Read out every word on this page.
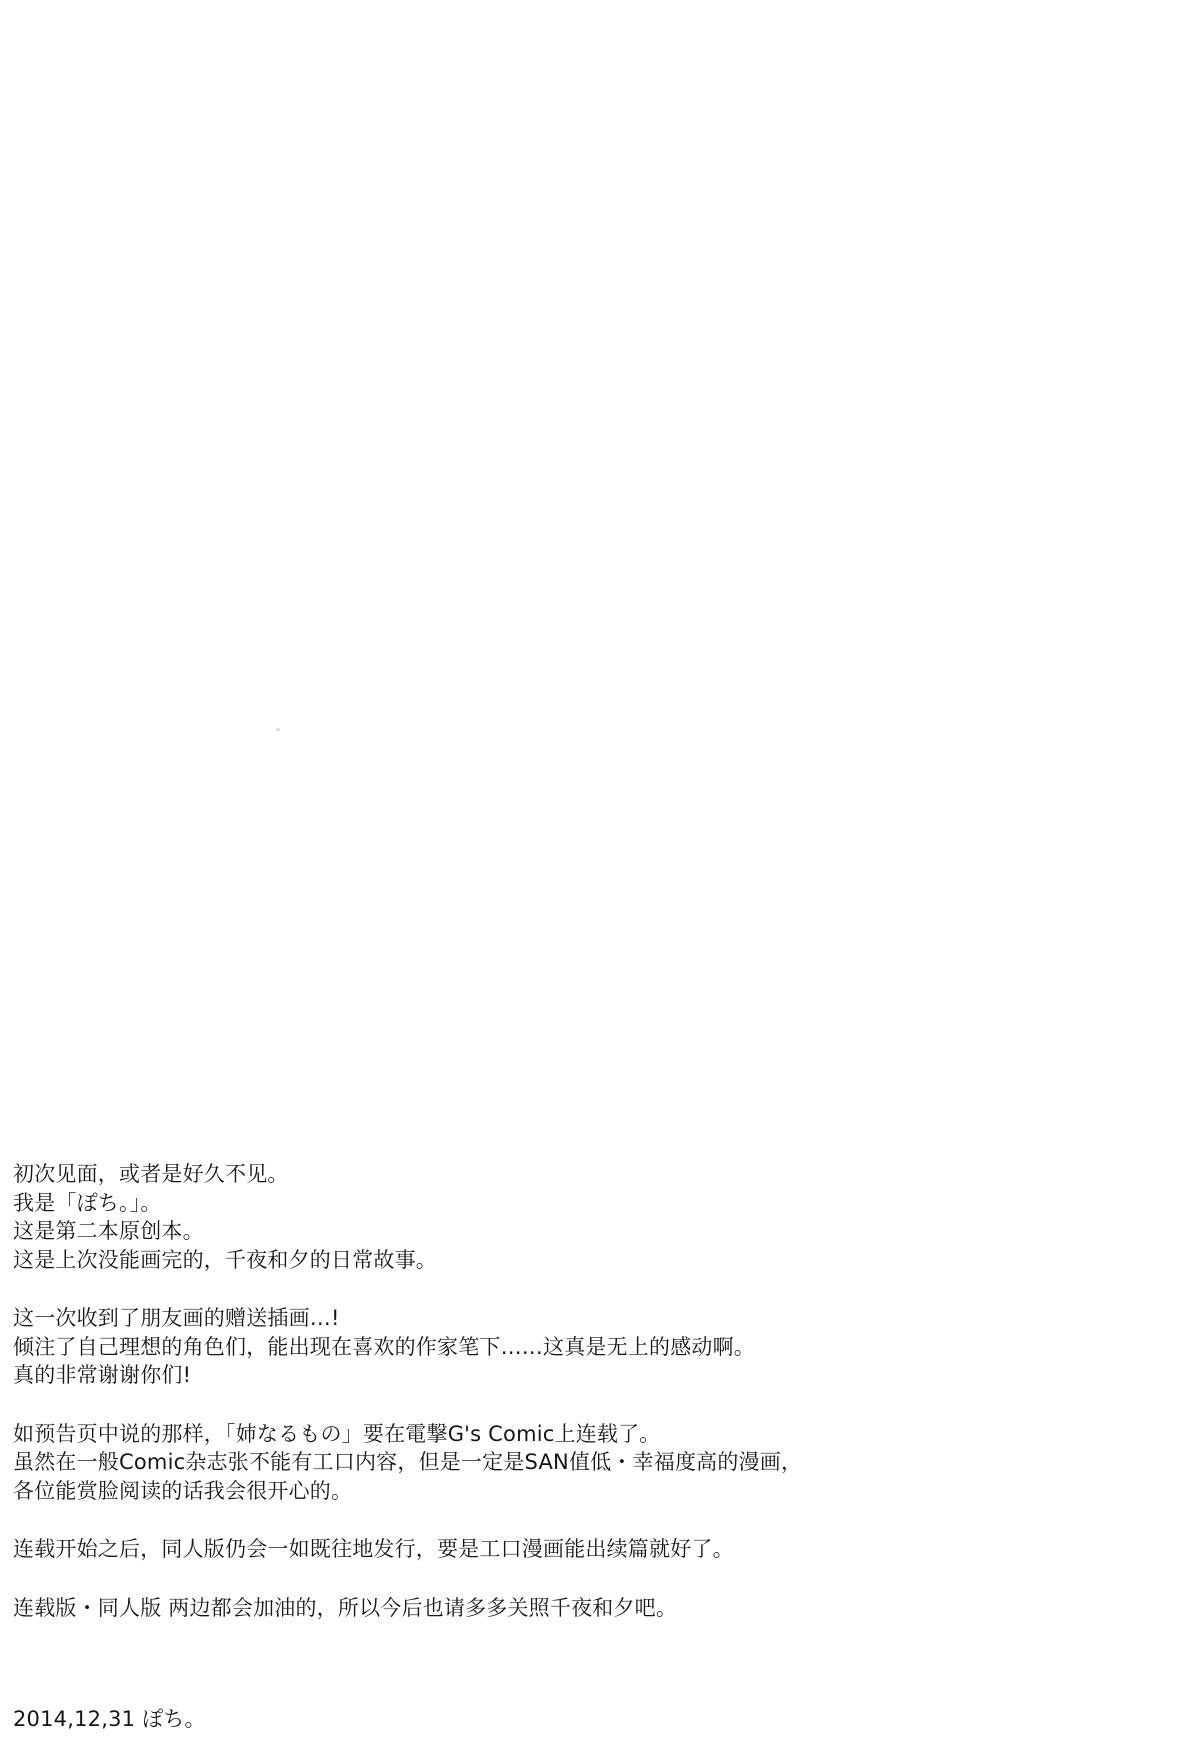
初次见面，或者是好久不见。
我是「ぽち。」。
这是第二本原创本。
这是上次没能画完的，千夜和夕的日常故事。

这一次收到了朋友画的赠送插画…!
倾注了自己理想的角色们，能出现在喜欢的作家笔下……这真是无上的感动啊。
真的非常谢谢你们!

如预告页中说的那样，「姉なるもの」要在電撃G's Comic上连载了。
虽然在一般Comic杂志张不能有工口内容，但是一定是SAN值低・幸福度高的漫画，
各位能赏脸阅读的话我会很开心的。

连载开始之后，同人版仍会一如既往地发行，要是工口漫画能出续篇就好了。

连载版・同人版 两边都会加油的，所以今后也请多多关照千夜和夕吧。

2014,12,31 ぽち。
